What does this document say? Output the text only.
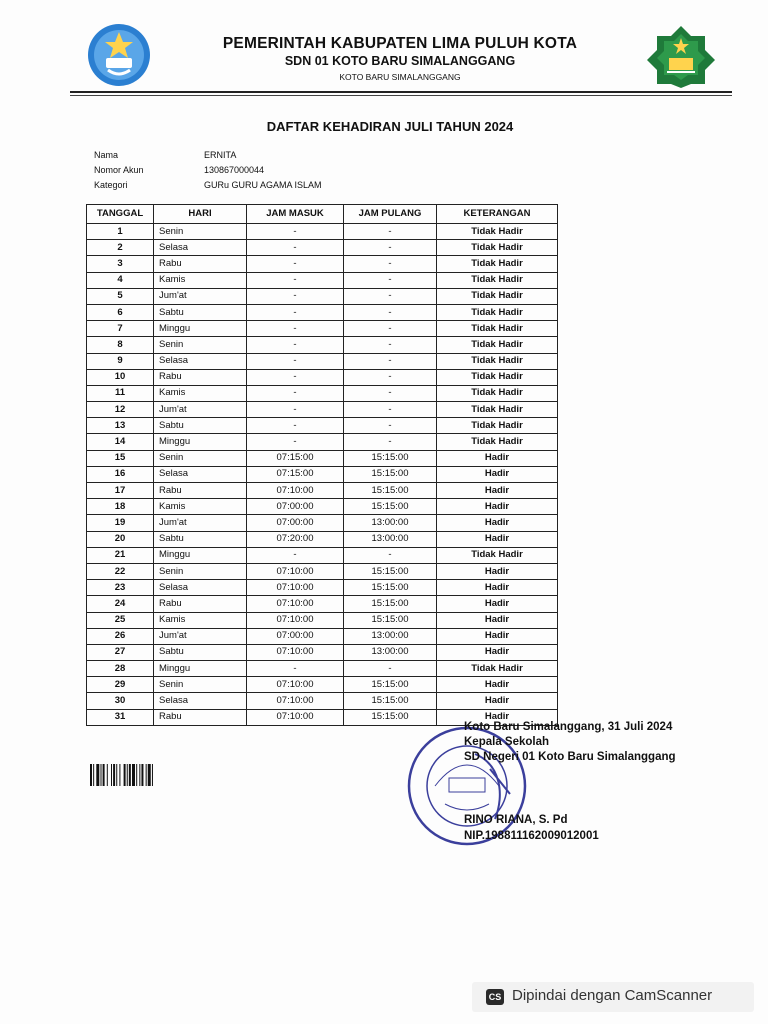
PEMERINTAH KABUPATEN LIMA PULUH KOTA
SDN 01 KOTO BARU SIMALANGGANG
KOTO BARU SIMALANGGANG
DAFTAR KEHADIRAN JULI TAHUN 2024
Nama	ERNITA
Nomor Akun	130867000044
Kategori	GURu GURU AGAMA ISLAM
TANGGAL	HARI	JAM MASUK	JAM PULANG	KETERANGAN
1	Senin	-	-	Tidak Hadir
2	Selasa	-	-	Tidak Hadir
3	Rabu	-	-	Tidak Hadir
4	Kamis	-	-	Tidak Hadir
5	Jum'at	-	-	Tidak Hadir
6	Sabtu	-	-	Tidak Hadir
7	Minggu	-	-	Tidak Hadir
8	Senin	-	-	Tidak Hadir
9	Selasa	-	-	Tidak Hadir
10	Rabu	-	-	Tidak Hadir
11	Kamis	-	-	Tidak Hadir
12	Jum'at	-	-	Tidak Hadir
13	Sabtu	-	-	Tidak Hadir
14	Minggu	-	-	Tidak Hadir
15	Senin	07:15:00	15:15:00	Hadir
16	Selasa	07:15:00	15:15:00	Hadir
17	Rabu	07:10:00	15:15:00	Hadir
18	Kamis	07:00:00	15:15:00	Hadir
19	Jum'at	07:00:00	13:00:00	Hadir
20	Sabtu	07:20:00	13:00:00	Hadir
21	Minggu	-	-	Tidak Hadir
22	Senin	07:10:00	15:15:00	Hadir
23	Selasa	07:10:00	15:15:00	Hadir
24	Rabu	07:10:00	15:15:00	Hadir
25	Kamis	07:10:00	15:15:00	Hadir
26	Jum'at	07:00:00	13:00:00	Hadir
27	Sabtu	07:10:00	13:00:00	Hadir
28	Minggu	-	-	Tidak Hadir
29	Senin	07:10:00	15:15:00	Hadir
30	Selasa	07:10:00	15:15:00	Hadir
31	Rabu	07:10:00	15:15:00	Hadir
Koto Baru Simalanggang, 31 Juli 2024
Kepala Sekolah
SD Negeri 01 Koto Baru Simalanggang
RINO RIANA, S. Pd
NIP.198811162009012001
CS Dipindai dengan CamScanner
